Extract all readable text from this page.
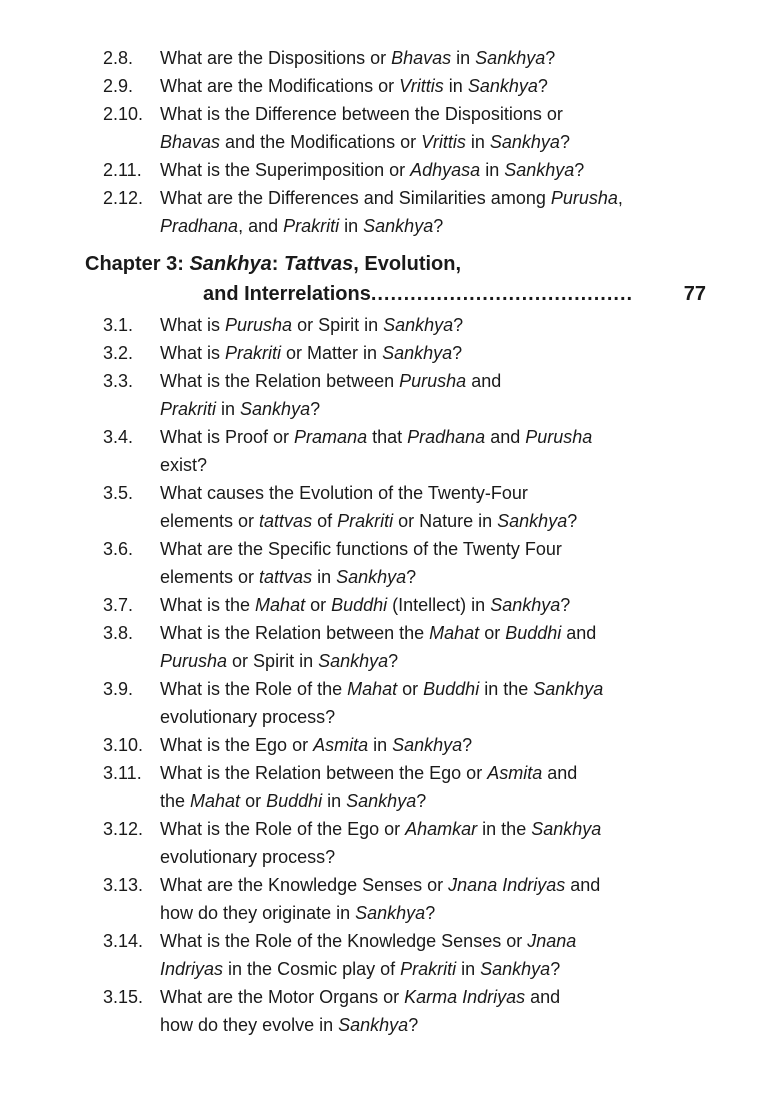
2.8. What are the Dispositions or Bhavas in Sankhya?
2.9. What are the Modifications or Vrittis in Sankhya?
2.10. What is the Difference between the Dispositions or
Bhavas and the Modifications or Vrittis in Sankhya?
2.11. What is the Superimposition or Adhyasa in Sankhya?
2.12. What are the Differences and Similarities among Purusha,
Pradhana, and Prakriti in Sankhya?
Chapter 3: Sankhya: Tattvas, Evolution,
and Interrelations........................................	77
3.1. What is Purusha or Spirit in Sankhya?
3.2. What is Prakriti or Matter in Sankhya?
3.3. What is the Relation between Purusha and
Prakriti in Sankhya?
3.4. What is Proof or Pramana that Pradhana and Purusha
exist?
3.5. What causes the Evolution of the Twenty-Four
elements or tattvas of Prakriti or Nature in Sankhya?
3.6. What are the Specific functions of the Twenty Four
elements or tattvas in Sankhya?
3.7. What is the Mahat or Buddhi (Intellect) in Sankhya?
3.8. What is the Relation between the Mahat or Buddhi and
Purusha or Spirit in Sankhya?
3.9. What is the Role of the Mahat or Buddhi in the Sankhya
evolutionary process?
3.10. What is the Ego or Asmita in Sankhya?
3.11. What is the Relation between the Ego or Asmita and
the Mahat or Buddhi in Sankhya?
3.12. What is the Role of the Ego or Ahamkar in the Sankhya
evolutionary process?
3.13. What are the Knowledge Senses or Jnana Indriyas and
how do they originate in Sankhya?
3.14. What is the Role of the Knowledge Senses or Jnana
Indriyas in the Cosmic play of Prakriti in Sankhya?
3.15. What are the Motor Organs or Karma Indriyas and
how do they evolve in Sankhya?
